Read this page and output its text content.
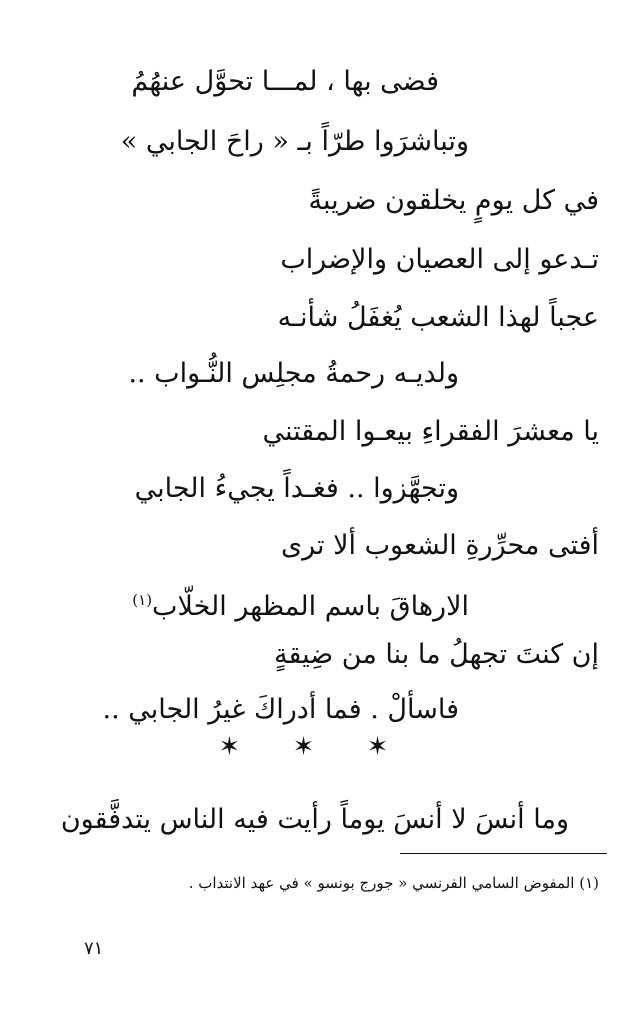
فضى بها ، لمـــا تحوَّل عنهُمُ
وتباشرَوا طرّاً بـ « راحَ الجابي »
في كل يومٍ يخلقون ضريبةً
تـدعو إلى العصيان والإضراب
عجباً لهذا الشعب يُغفَلُ شأنـه
ولديـه رحمةُ مجلِس النُّـواب ..
يا معشرَ الفقراءِ بيعـوا المقتني
وتجهَّزوا .. فغـداً يجيءُ الجابي
أفتى محرِّرةِ الشعوب ألا ترى
الارهاقَ باسم المظهر الخلّاب$^{(١)}$
إن كنتَ تجهلُ ما بنا من ضِيقةٍ
فاسألْ . فما أدراكَ غيرُ الجابي ..
✶ ✶ ✶
وما أنسَ لا أنسَ يوماً رأيت فيه الناس يتدفَّقون
(١) المفوض السامي الفرنسي « جورج بونسو » في عهد الانتداب .
٧١
